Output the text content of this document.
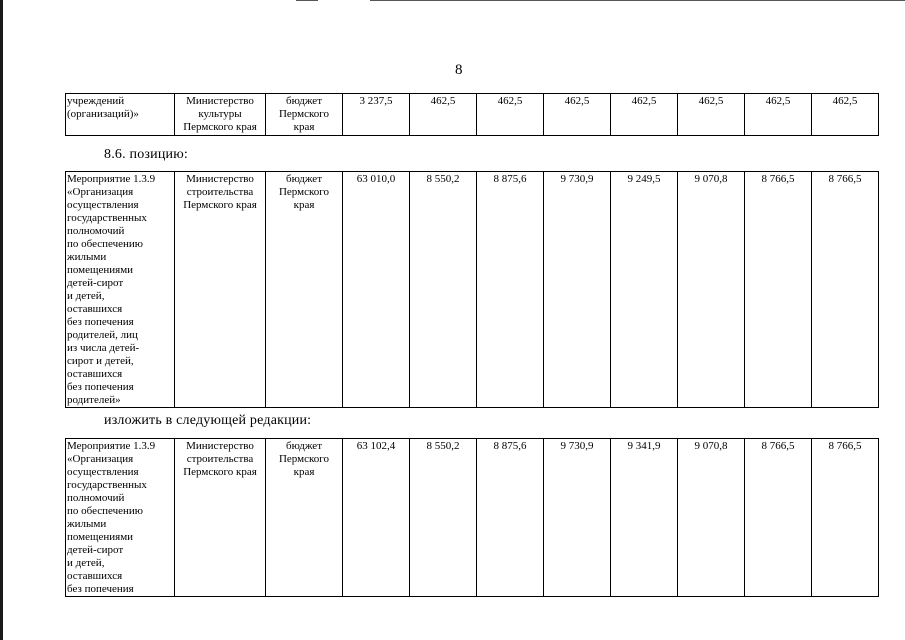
8
учреждений
(организаций)»	Министерство
культуры
Пермского края	бюджет
Пермского
края	3 237,5	462,5	462,5	462,5	462,5	462,5	462,5	462,5
8.6. позицию:
Мероприятие 1.3.9
«Организация
осуществления
государственных
полномочий
по обеспечению
жилыми
помещениями
детей-сирот
и детей,
оставшихся
без попечения
родителей, лиц
из числа детей-
сирот и детей,
оставшихся
без попечения
родителей»	Министерство
строительства
Пермского края	бюджет
Пермского
края	63 010,0	8 550,2	8 875,6	9 730,9	9 249,5	9 070,8	8 766,5	8 766,5
изложить в следующей редакции:
Мероприятие 1.3.9
«Организация
осуществления
государственных
полномочий
по обеспечению
жилыми
помещениями
детей-сирот
и детей,
оставшихся
без попечения	Министерство
строительства
Пермского края	бюджет
Пермского
края	63 102,4	8 550,2	8 875,6	9 730,9	9 341,9	9 070,8	8 766,5	8 766,5
